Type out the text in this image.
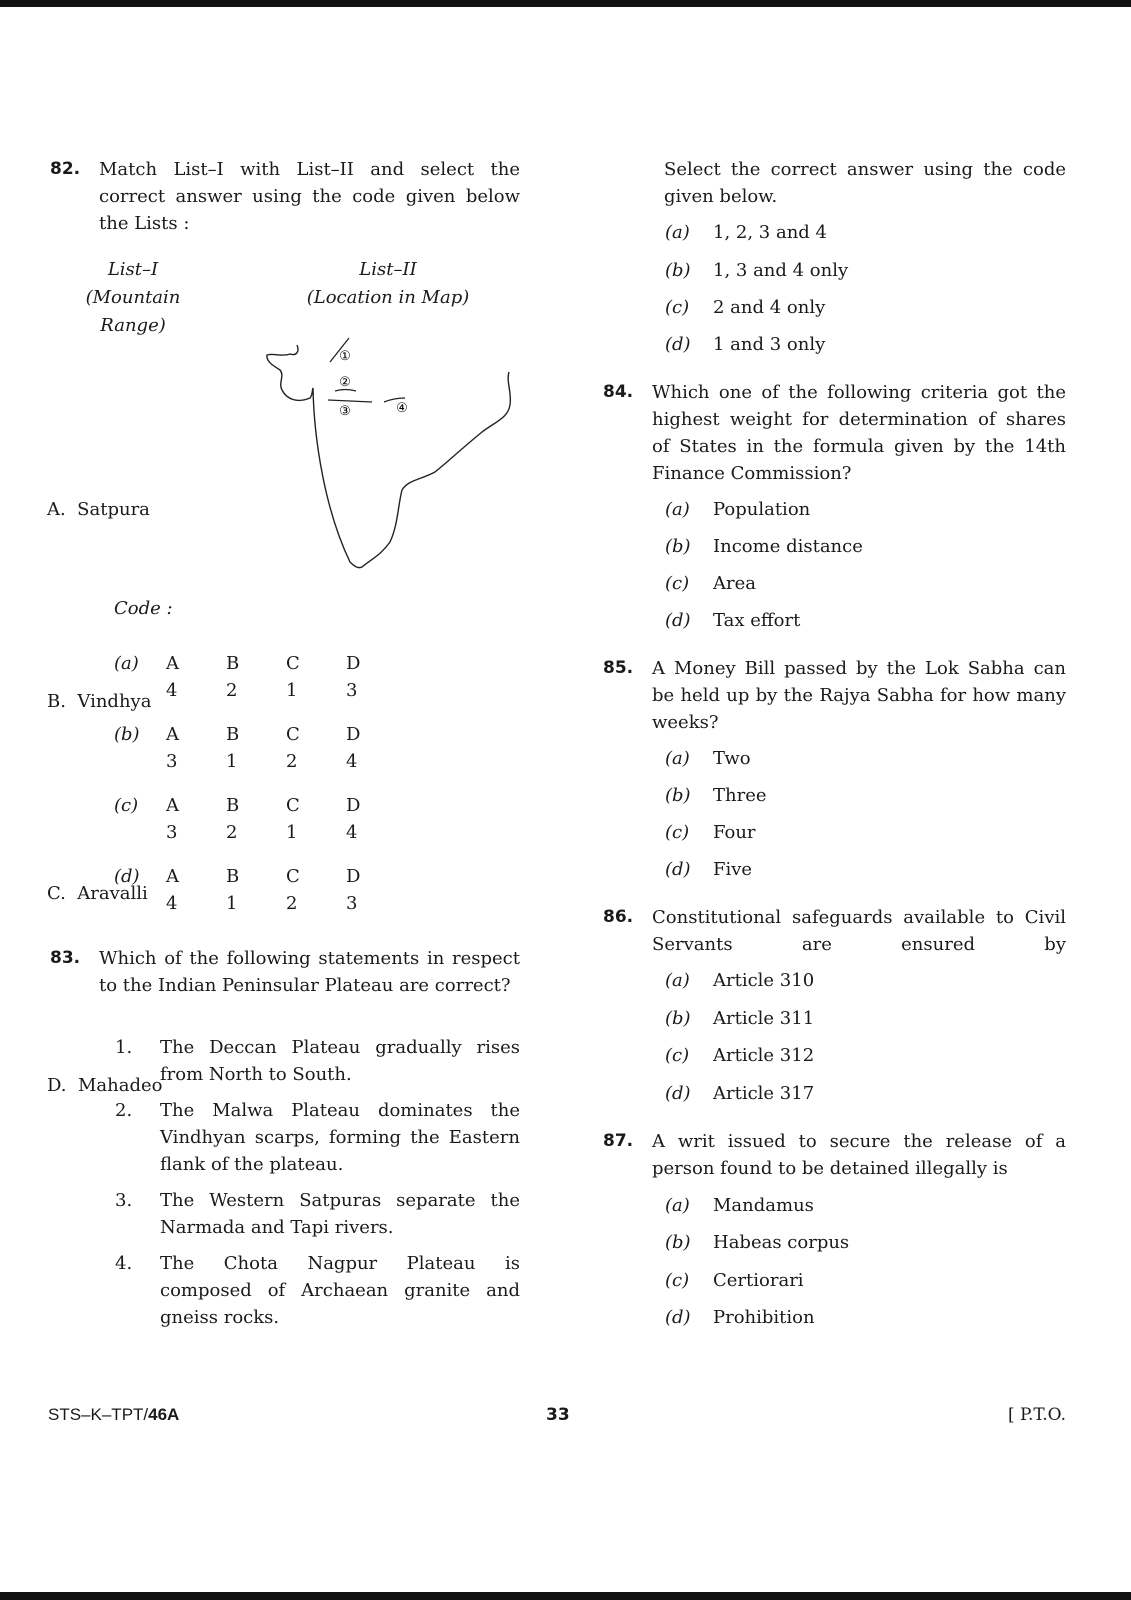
82. Match List–I with List–II and select the correct answer using the code given below the Lists :
List–I
(Mountain Range)
List–II
(Location in Map)

A.  Satpura

B.  Vindhya

C.  Aravalli

D.  Mahadeo

①
②
③	④
Code :
(a)	A	B	C	D
4	2	1	3
(b)	A	B	C	D
3	1	2	4
(c)	A	B	C	D
3	2	1	4
(d)	A	B	C	D
4	1	2	3
83. Which of the following statements in respect to the Indian Peninsular Plateau are correct?
1. The Deccan Plateau gradually rises from North to South.
2. The Malwa Plateau dominates the Vindhyan scarps, forming the Eastern flank of the plateau.
3. The Western Satpuras separate the Narmada and Tapi rivers.
4. The Chota Nagpur Plateau is composed of Archaean granite and gneiss rocks.
Select the correct answer using the code given below.
(a) 1, 2, 3 and 4
(b) 1, 3 and 4 only
(c) 2 and 4 only
(d) 1 and 3 only
84. Which one of the following criteria got the highest weight for determination of shares of States in the formula given by the 14th Finance Commission?
(a) Population
(b) Income distance
(c) Area
(d) Tax effort
85. A Money Bill passed by the Lok Sabha can be held up by the Rajya Sabha for how many weeks?
(a) Two
(b) Three
(c) Four
(d) Five
86. Constitutional safeguards available to Civil Servants are ensured by
(a) Article 310
(b) Article 311
(c) Article 312
(d) Article 317
87. A writ issued to secure the release of a person found to be detained illegally is
(a) Mandamus
(b) Habeas corpus
(c) Certiorari
(d) Prohibition
STS–K–TPT/46A	33	[ P.T.O.
